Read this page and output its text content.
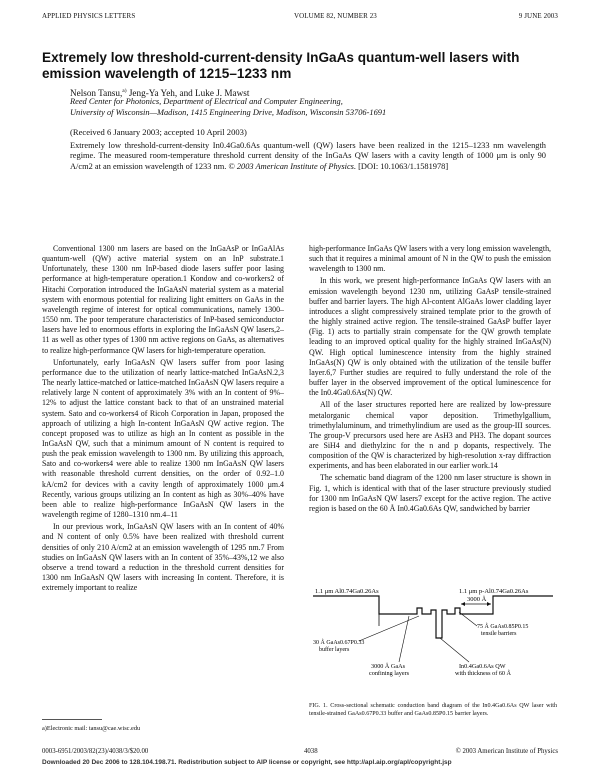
APPLIED PHYSICS LETTERS	VOLUME 82, NUMBER 23	9 JUNE 2003
Extremely low threshold-current-density InGaAs quantum-well lasers with emission wavelength of 1215–1233 nm
Nelson Tansu,$^{a)}$ Jeng-Ya Yeh, and Luke J. Mawst
Reed Center for Photonics, Department of Electrical and Computer Engineering,
University of Wisconsin—Madison, 1415 Engineering Drive, Madison, Wisconsin 53706-1691
(Received 6 January 2003; accepted 10 April 2003)
Extremely low threshold-current-density In0.4Ga0.6As quantum-well (QW) lasers have been realized in the 1215–1233 nm wavelength regime. The measured room-temperature threshold current density of the InGaAs QW lasers with a cavity length of 1000 μm is only 90 A/cm2 at an emission wavelength of 1233 nm. © 2003 American Institute of Physics. [DOI: 10.1063/1.1581978]

Conventional 1300 nm lasers are based on the InGaAsP or InGaAlAs quantum-well (QW) active material system on an InP substrate.1 Unfortunately, these 1300 nm InP-based diode lasers suffer poor lasing performance at high-temperature operation.1 Kondow and co-workers2 of Hitachi Corporation introduced the InGaAsN material system as a material system with enormous potential for realizing light emitters on GaAs in the wavelength regime of interest for optical communications, namely 1300–1550 nm. The poor temperature characteristics of InP-based semiconductor lasers have led to enormous efforts in exploring the InGaAsN QW lasers,2–11 as well as other types of 1300 nm active regions on GaAs, as alternatives to realize high-performance QW lasers for high-temperature operation.

Unfortunately, early InGaAsN QW lasers suffer from poor lasing performance due to the utilization of nearly lattice-matched InGaAsN.2,3 The nearly lattice-matched or lattice-matched InGaAsN QW lasers require a relatively large N content of approximately 3% with an In content of 9%–12% to adjust the lattice constant back to that of an unstrained material system. Sato and co-workers4 of Ricoh Corporation in Japan, proposed the approach of utilizing a high In-content InGaAsN QW active region. The concept proposed was to utilize as high an In content as possible in the InGaAsN QW, such that a minimum amount of N content is required to push the peak emission wavelength to 1300 nm. By utilizing this approach, Sato and co-workers4 were able to realize 1300 nm InGaAsN QW lasers with reasonable threshold current densities, on the order of 0.92–1.0 kA/cm2 for devices with a cavity length of approximately 1000 μm.4 Recently, various groups utilizing an In content as high as 30%–40% have been able to realize high-performance InGaAsN QW lasers in the wavelength regime of 1280–1310 nm.4–11

In our previous work, InGaAsN QW lasers with an In content of 40% and N content of only 0.5% have been realized with threshold current densities of only 210 A/cm2 at an emission wavelength of 1295 nm.7 From studies on InGaAsN QW lasers with an In content of 35%–43%,12 we also observe a trend toward a reduction in the threshold current densities for 1300 nm InGaAsN QW lasers with increasing In content. Therefore, it is extremely important to realize

high-performance InGaAs QW lasers with a very long emission wavelength, such that it requires a minimal amount of N in the QW to push the emission wavelength to 1300 nm.

In this work, we present high-performance InGaAs QW lasers with an emission wavelength beyond 1230 nm, utilizing GaAsP tensile-strained buffer and barrier layers. The high Al-content AlGaAs lower cladding layer introduces a slight compressively strained template prior to the growth of the highly strained active region. The tensile-strained GaAsP buffer layer (Fig. 1) acts to partially strain compensate for the QW growth template leading to an improved optical quality for the highly strained InGaAs(N) QW. High optical luminescence intensity from the highly strained InGaAs(N) QW is only obtained with the utilization of the tensile buffer layer.6,7 Further studies are required to fully understand the role of the buffer layer in the observed improvement of the optical luminescence for the In0.4Ga0.6As(N) QW.

All of the laser structures reported here are realized by low-pressure metalorganic chemical vapor deposition. Trimethylgallium, trimethylaluminum, and trimethylindium are used as the group-III sources. The group-V precursors used here are AsH3 and PH3. The dopant sources are SiH4 and diethylzinc for the n and p dopants, respectively. The composition of the QW is characterized by high-resolution x-ray diffraction experiments, and has been elaborated in our earlier work.14

The schematic band diagram of the 1200 nm laser structure is shown in Fig. 1, which is identical with that of the laser structure previously studied for 1300 nm InGaAsN QW lasers7 except for the active region. The active region is based on the 60 Å In0.4Ga0.6As QW, sandwiched by barrier

1.1 μm Al0.74Ga0.26As	1.1 μm p-Al0.74Ga0.26As
3000 Å
30 Å GaAs0.67P0.33
buffer layers
75 Å GaAs0.85P0.15
tensile barriers
3000 Å GaAs
confining layers
In0.4Ga0.6As QW
with thickness of 60 Å
FIG. 1. Cross-sectional schematic conduction band diagram of the In0.4Ga0.6As QW laser with tensile-strained GaAs0.67P0.33 buffer and GaAs0.85P0.15 barrier layers.
a)Electronic mail: tansu@cae.wisc.edu
0003-6951/2003/82(23)/4038/3/$20.00	4038	© 2003 American Institute of Physics
Downloaded 20 Dec 2006 to 128.104.198.71. Redistribution subject to AIP license or copyright, see http://apl.aip.org/apl/copyright.jsp
